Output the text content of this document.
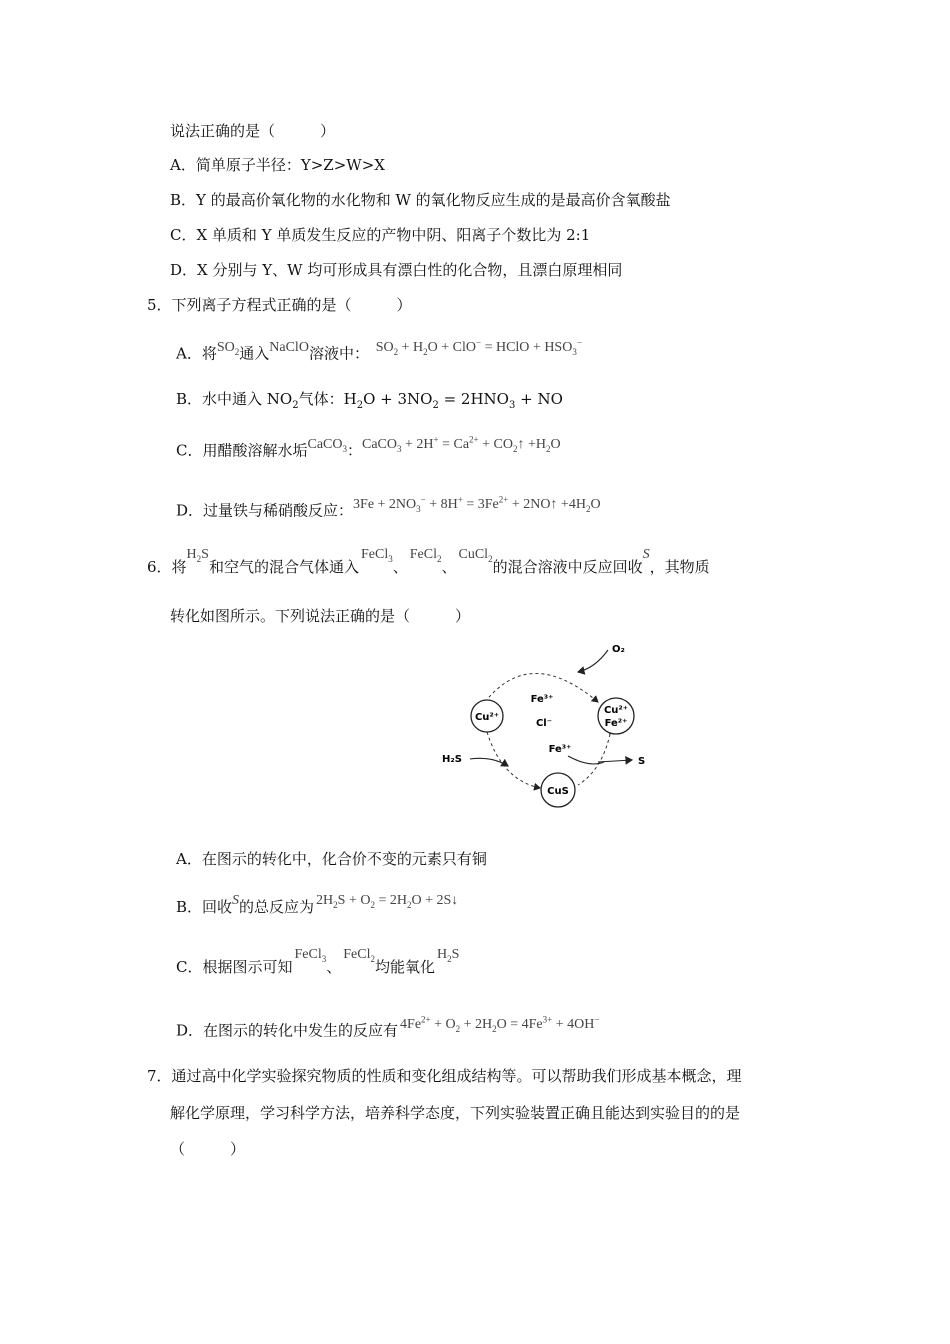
说法正确的是（　　　）
A．简单原子半径：Y>Z>W>X
B．Y 的最高价氧化物的水化物和 W 的氧化物反应生成的是最高价含氧酸盐
C．X 单质和 Y 单质发生反应的产物中阴、阳离子个数比为 2:1
D．X 分别与 Y、W 均可形成具有漂白性的化合物，且漂白原理相同
5．下列离子方程式正确的是（　　　）
A．将$SO_2$通入NaClO溶液中： $SO_2 + H_2O + ClO^-$ = HClO + $HSO_3^-$
B．水中通入 $NO_2$气体：$H_2O + 3NO_2 = 2HNO_3$ + NO
C．用醋酸溶解水垢CaCO$_3$：CaCO$_3$ + $2H^+ = Ca^{2+}$ + $CO_2↑ +H_2O$
D．过量铁与稀硝酸反应：$3Fe + 2NO_3^- + 8H^+ = 3Fe^{2+}$ + 2NO↑ $+4H_2O$
6．将$H_2S$和空气的混合气体通入FeCl$_3$、FeCl$_2$、CuCl$_2$的混合溶液中反应回收S，其物质
转化如图所示。下列说法正确的是（　　　）
Cu²⁺
Cu²⁺
Fe²⁺
CuS
Fe³⁺
Cl⁻
O₂
H₂S
Fe³⁺
S
A．在图示的转化中，化合价不变的元素只有铜
B．回收S的总反应为 $2H_2S + O_2 = 2H_2O$ + 2S↓
C．根据图示可知FeCl$_3$、FeCl$_2$均能氧化$H_2S$
D．在图示的转化中发生的反应有 $4Fe^{2+} + O_2 + 2H_2O = 4Fe^{3+} + 4OH^-$
7．通过高中化学实验探究物质的性质和变化组成结构等。可以帮助我们形成基本概念，理
解化学原理，学习科学方法，培养科学态度，下列实验装置正确且能达到实验目的的是
（　　　）
